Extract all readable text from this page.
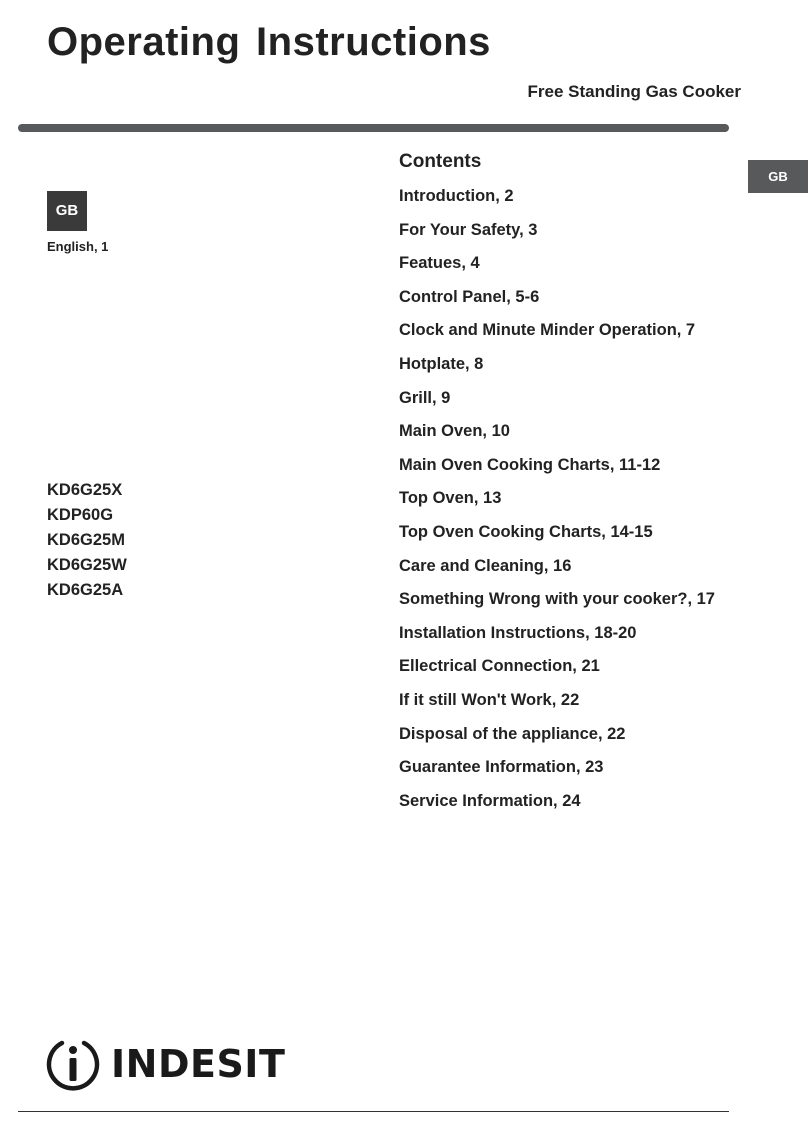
Operating Instructions
Free Standing Gas Cooker
GB
GB
English, 1
KD6G25X
KDP60G
KD6G25M
KD6G25W
KD6G25A
Contents
Introduction, 2
For Your Safety, 3
Featues, 4
Control Panel, 5-6
Clock and Minute Minder Operation, 7
Hotplate, 8
Grill, 9
Main Oven, 10
Main Oven Cooking Charts, 11-12
Top Oven, 13
Top Oven Cooking Charts, 14-15
Care and Cleaning, 16
Something Wrong with your cooker?, 17
Installation Instructions, 18-20
Ellectrical Connection, 21
If it still Won't Work, 22
Disposal of the appliance, 22
Guarantee Information, 23
Service Information, 24
INDESIT
